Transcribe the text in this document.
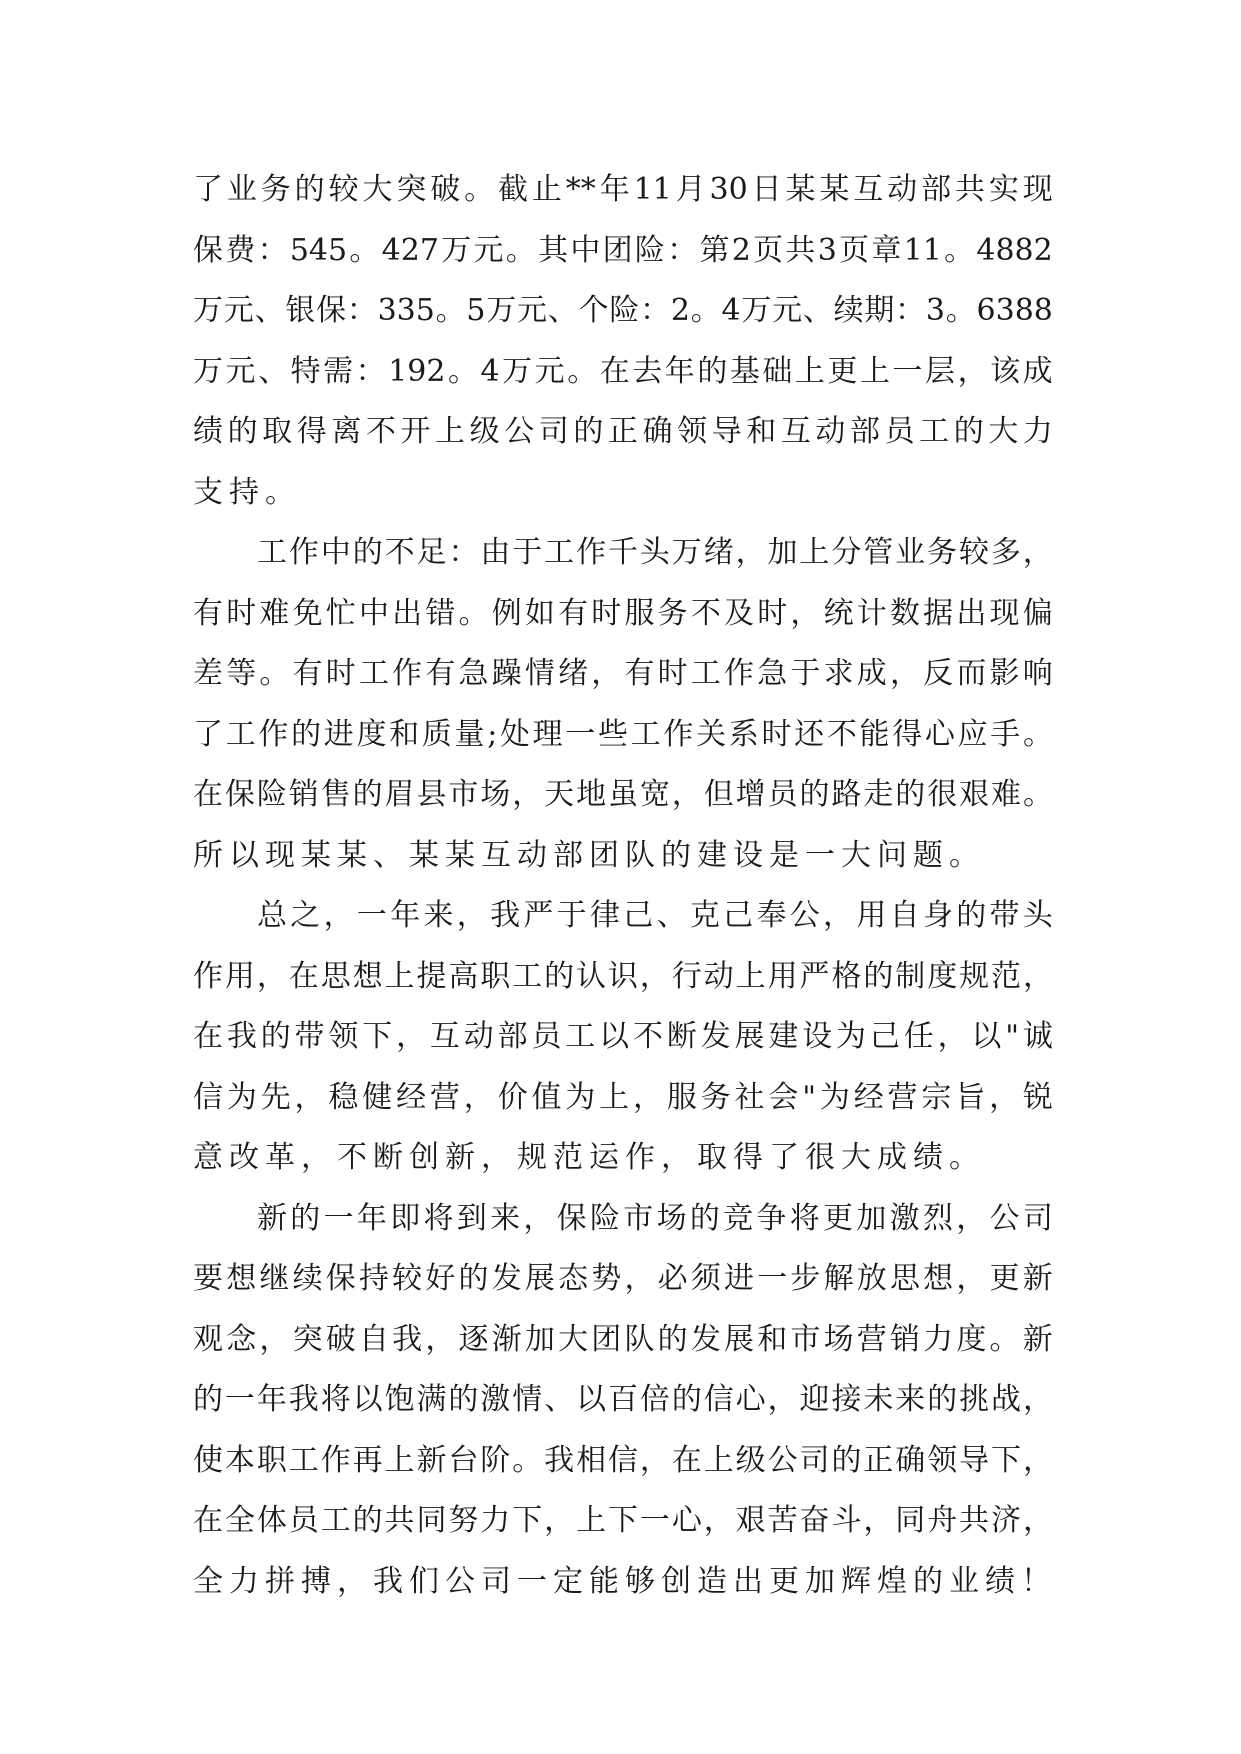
了 业 务 的 较 大 突 破 。 截 止 ** 年 11 月 30 日 某 某 互 动 部 共 实 现
保 费 ： 545 。 427 万 元 。 其 中 团 险 ： 第 2 页 共 3 页 章 11 。 4882
万 元 、 银 保 ： 335 。 5 万 元 、 个 险 ： 2 。 4 万 元 、 续 期 ： 3 。 6388
万 元 、 特 需 ： 192 。 4 万 元 。 在 去 年 的 基 础 上 更 上 一 层 ， 该 成
绩 的 取 得 离 不 开 上 级 公 司 的 正 确 领 导 和 互 动 部 员 工 的 大 力
支持。
工 作 中 的 不 足 ： 由 于 工 作 千 头 万 绪 ， 加 上 分 管 业 务 较 多 ，
有 时 难 免 忙 中 出 错 。 例 如 有 时 服 务 不 及 时 ， 统 计 数 据 出 现 偏
差 等 。 有 时 工 作 有 急 躁 情 绪 ， 有 时 工 作 急 于 求 成 ， 反 而 影 响
了 工 作 的 进 度 和 质 量 ; 处 理 一 些 工 作 关 系 时 还 不 能 得 心 应 手 。
在 保 险 销 售 的 眉 县 市 场 ， 天 地 虽 宽 ， 但 增 员 的 路 走 的 很 艰 难 。
所以现某某、某某互动部团队的建设是一大问题。
总 之 ， 一 年 来 ， 我 严 于 律 己 、 克 己 奉 公 ， 用 自 身 的 带 头
作 用 ， 在 思 想 上 提 高 职 工 的 认 识 ， 行 动 上 用 严 格 的 制 度 规 范 ，
在 我 的 带 领 下 ， 互 动 部 员 工 以 不 断 发 展 建 设 为 己 任 ， 以 " 诚
信 为 先 ， 稳 健 经 营 ， 价 值 为 上 ， 服 务 社 会 " 为 经 营 宗 旨 ， 锐
意改革，不断创新，规范运作，取得了很大成绩。
新 的 一 年 即 将 到 来 ， 保 险 市 场 的 竞 争 将 更 加 激 烈 ， 公 司
要 想 继 续 保 持 较 好 的 发 展 态 势 ， 必 须 进 一 步 解 放 思 想 ， 更 新
观 念 ， 突 破 自 我 ， 逐 渐 加 大 团 队 的 发 展 和 市 场 营 销 力 度 。 新
的 一 年 我 将 以 饱 满 的 激 情 、 以 百 倍 的 信 心 ， 迎 接 未 来 的 挑 战 ，
使 本 职 工 作 再 上 新 台 阶 。 我 相 信 ， 在 上 级 公 司 的 正 确 领 导 下 ，
在 全 体 员 工 的 共 同 努 力 下 ， 上 下 一 心 ， 艰 苦 奋 斗 ， 同 舟 共 济 ，
全力拼搏，我们公司一定能够创造出更加辉煌的业绩！
